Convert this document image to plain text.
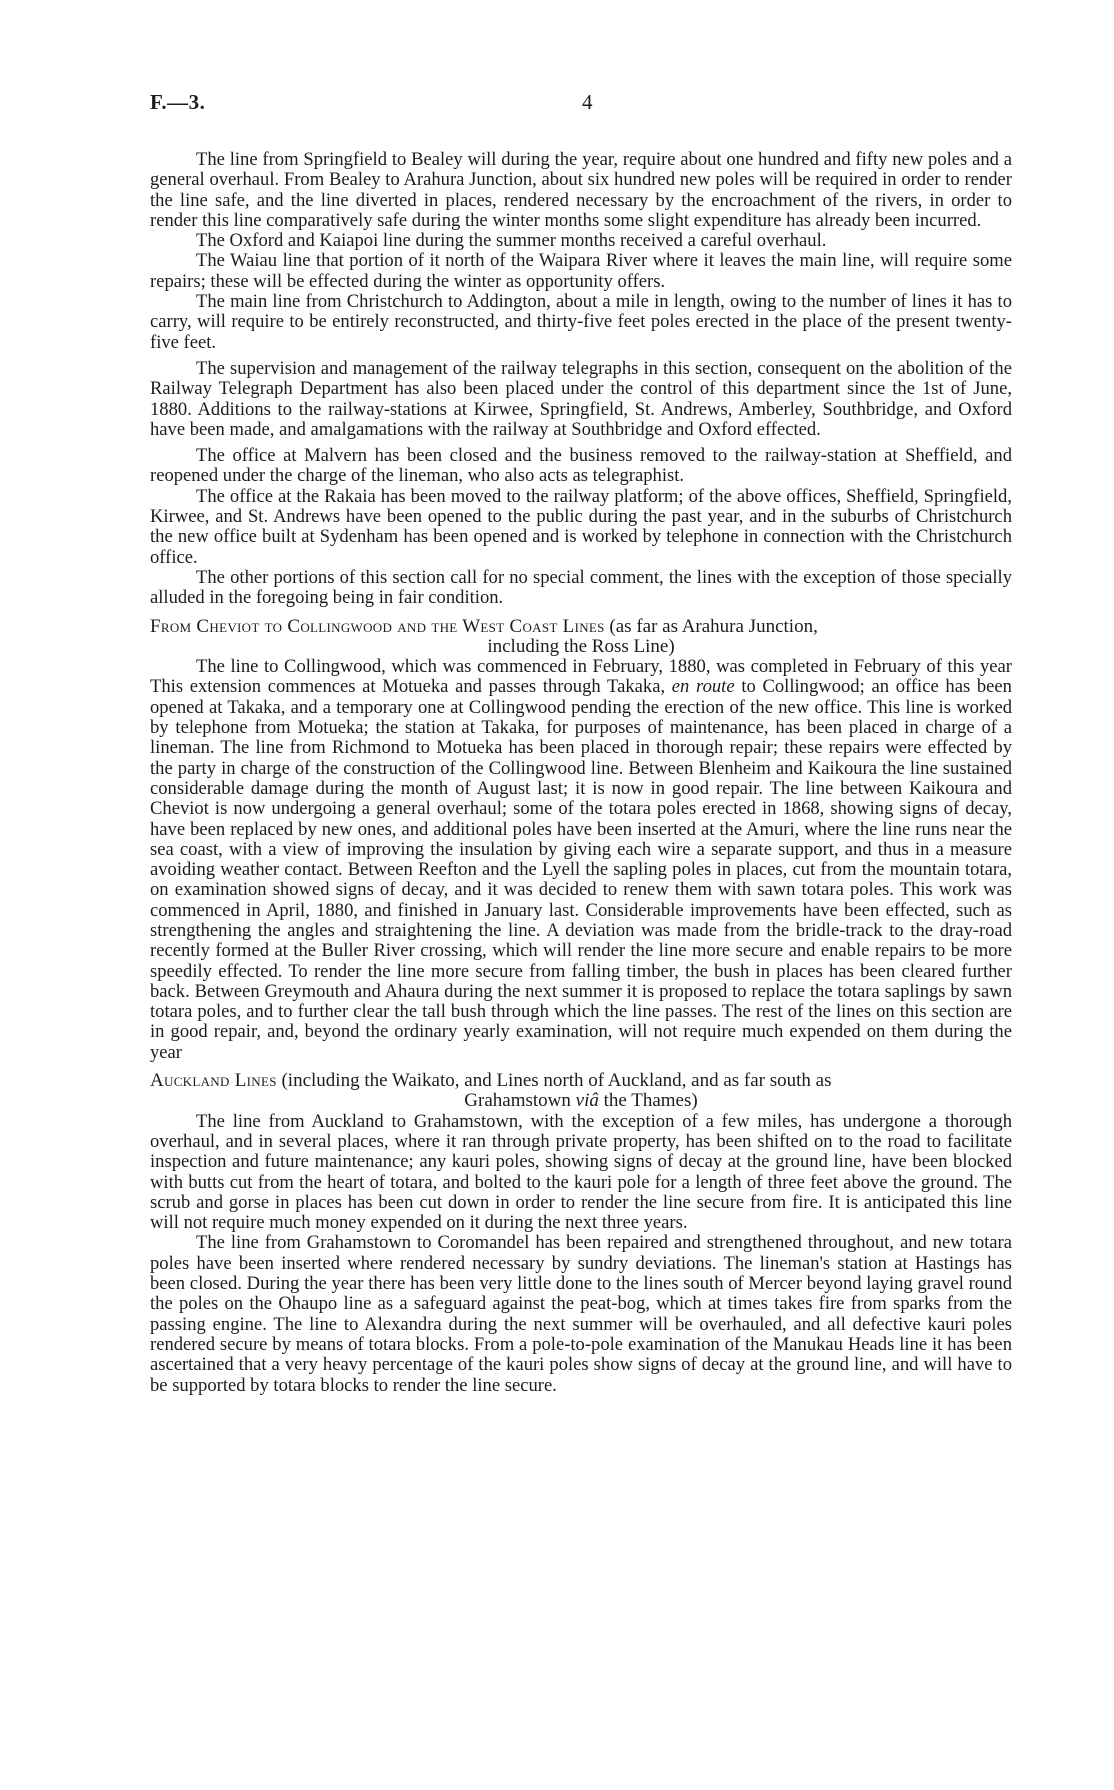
F.—3.	4

The line from Springfield to Bealey will during the year, require about one hundred and fifty new poles and a general overhaul. From Bealey to Arahura Junction, about six hundred new poles will be required in order to render the line safe, and the line diverted in places, rendered necessary by the encroachment of the rivers, in order to render this line comparatively safe during the winter months some slight expenditure has already been incurred.

The Oxford and Kaiapoi line during the summer months received a careful overhaul.

The Waiau line that portion of it north of the Waipara River where it leaves the main line, will require some repairs; these will be effected during the winter as opportunity offers.

The main line from Christchurch to Addington, about a mile in length, owing to the number of lines it has to carry, will require to be entirely reconstructed, and thirty-five feet poles erected in the place of the present twenty-five feet.

The supervision and management of the railway telegraphs in this section, consequent on the abolition of the Railway Telegraph Department has also been placed under the control of this department since the 1st of June, 1880. Additions to the railway-stations at Kirwee, Springfield, St. Andrews, Amberley, Southbridge, and Oxford have been made, and amalgamations with the railway at Southbridge and Oxford effected.

The office at Malvern has been closed and the business removed to the railway-station at Sheffield, and reopened under the charge of the lineman, who also acts as telegraphist.

The office at the Rakaia has been moved to the railway platform; of the above offices, Sheffield, Springfield, Kirwee, and St. Andrews have been opened to the public during the past year, and in the suburbs of Christchurch the new office built at Sydenham has been opened and is worked by telephone in connection with the Christchurch office.

The other portions of this section call for no special comment, the lines with the exception of those specially alluded in the foregoing being in fair condition.

From Cheviot to Collingwood and the West Coast Lines (as far as Arahura Junction,
including the Ross Line)

The line to Collingwood, which was commenced in February, 1880, was completed in February of this year This extension commences at Motueka and passes through Takaka, en route to Collingwood; an office has been opened at Takaka, and a temporary one at Collingwood pending the erection of the new office. This line is worked by telephone from Motueka; the station at Takaka, for purposes of maintenance, has been placed in charge of a lineman. The line from Richmond to Motueka has been placed in thorough repair; these repairs were effected by the party in charge of the construction of the Collingwood line. Between Blenheim and Kaikoura the line sustained considerable damage during the month of August last; it is now in good repair. The line between Kaikoura and Cheviot is now undergoing a general overhaul; some of the totara poles erected in 1868, showing signs of decay, have been replaced by new ones, and additional poles have been inserted at the Amuri, where the line runs near the sea coast, with a view of improving the insulation by giving each wire a separate support, and thus in a measure avoiding weather contact. Between Reefton and the Lyell the sapling poles in places, cut from the mountain totara, on examination showed signs of decay, and it was decided to renew them with sawn totara poles. This work was commenced in April, 1880, and finished in January last. Considerable improvements have been effected, such as strengthening the angles and straightening the line. A deviation was made from the bridle-track to the dray-road recently formed at the Buller River crossing, which will render the line more secure and enable repairs to be more speedily effected. To render the line more secure from falling timber, the bush in places has been cleared further back. Between Greymouth and Ahaura during the next summer it is proposed to replace the totara saplings by sawn totara poles, and to further clear the tall bush through which the line passes. The rest of the lines on this section are in good repair, and, beyond the ordinary yearly examination, will not require much expended on them during the year

Auckland Lines (including the Waikato, and Lines north of Auckland, and as far south as
Grahamstown viâ the Thames)

The line from Auckland to Grahamstown, with the exception of a few miles, has undergone a thorough overhaul, and in several places, where it ran through private property, has been shifted on to the road to facilitate inspection and future maintenance; any kauri poles, showing signs of decay at the ground line, have been blocked with butts cut from the heart of totara, and bolted to the kauri pole for a length of three feet above the ground. The scrub and gorse in places has been cut down in order to render the line secure from fire. It is anticipated this line will not require much money expended on it during the next three years.

The line from Grahamstown to Coromandel has been repaired and strengthened throughout, and new totara poles have been inserted where rendered necessary by sundry deviations. The lineman's station at Hastings has been closed. During the year there has been very little done to the lines south of Mercer beyond laying gravel round the poles on the Ohaupo line as a safeguard against the peat-bog, which at times takes fire from sparks from the passing engine. The line to Alexandra during the next summer will be overhauled, and all defective kauri poles rendered secure by means of totara blocks. From a pole-to-pole examination of the Manukau Heads line it has been ascertained that a very heavy percentage of the kauri poles show signs of decay at the ground line, and will have to be supported by totara blocks to render the line secure.
